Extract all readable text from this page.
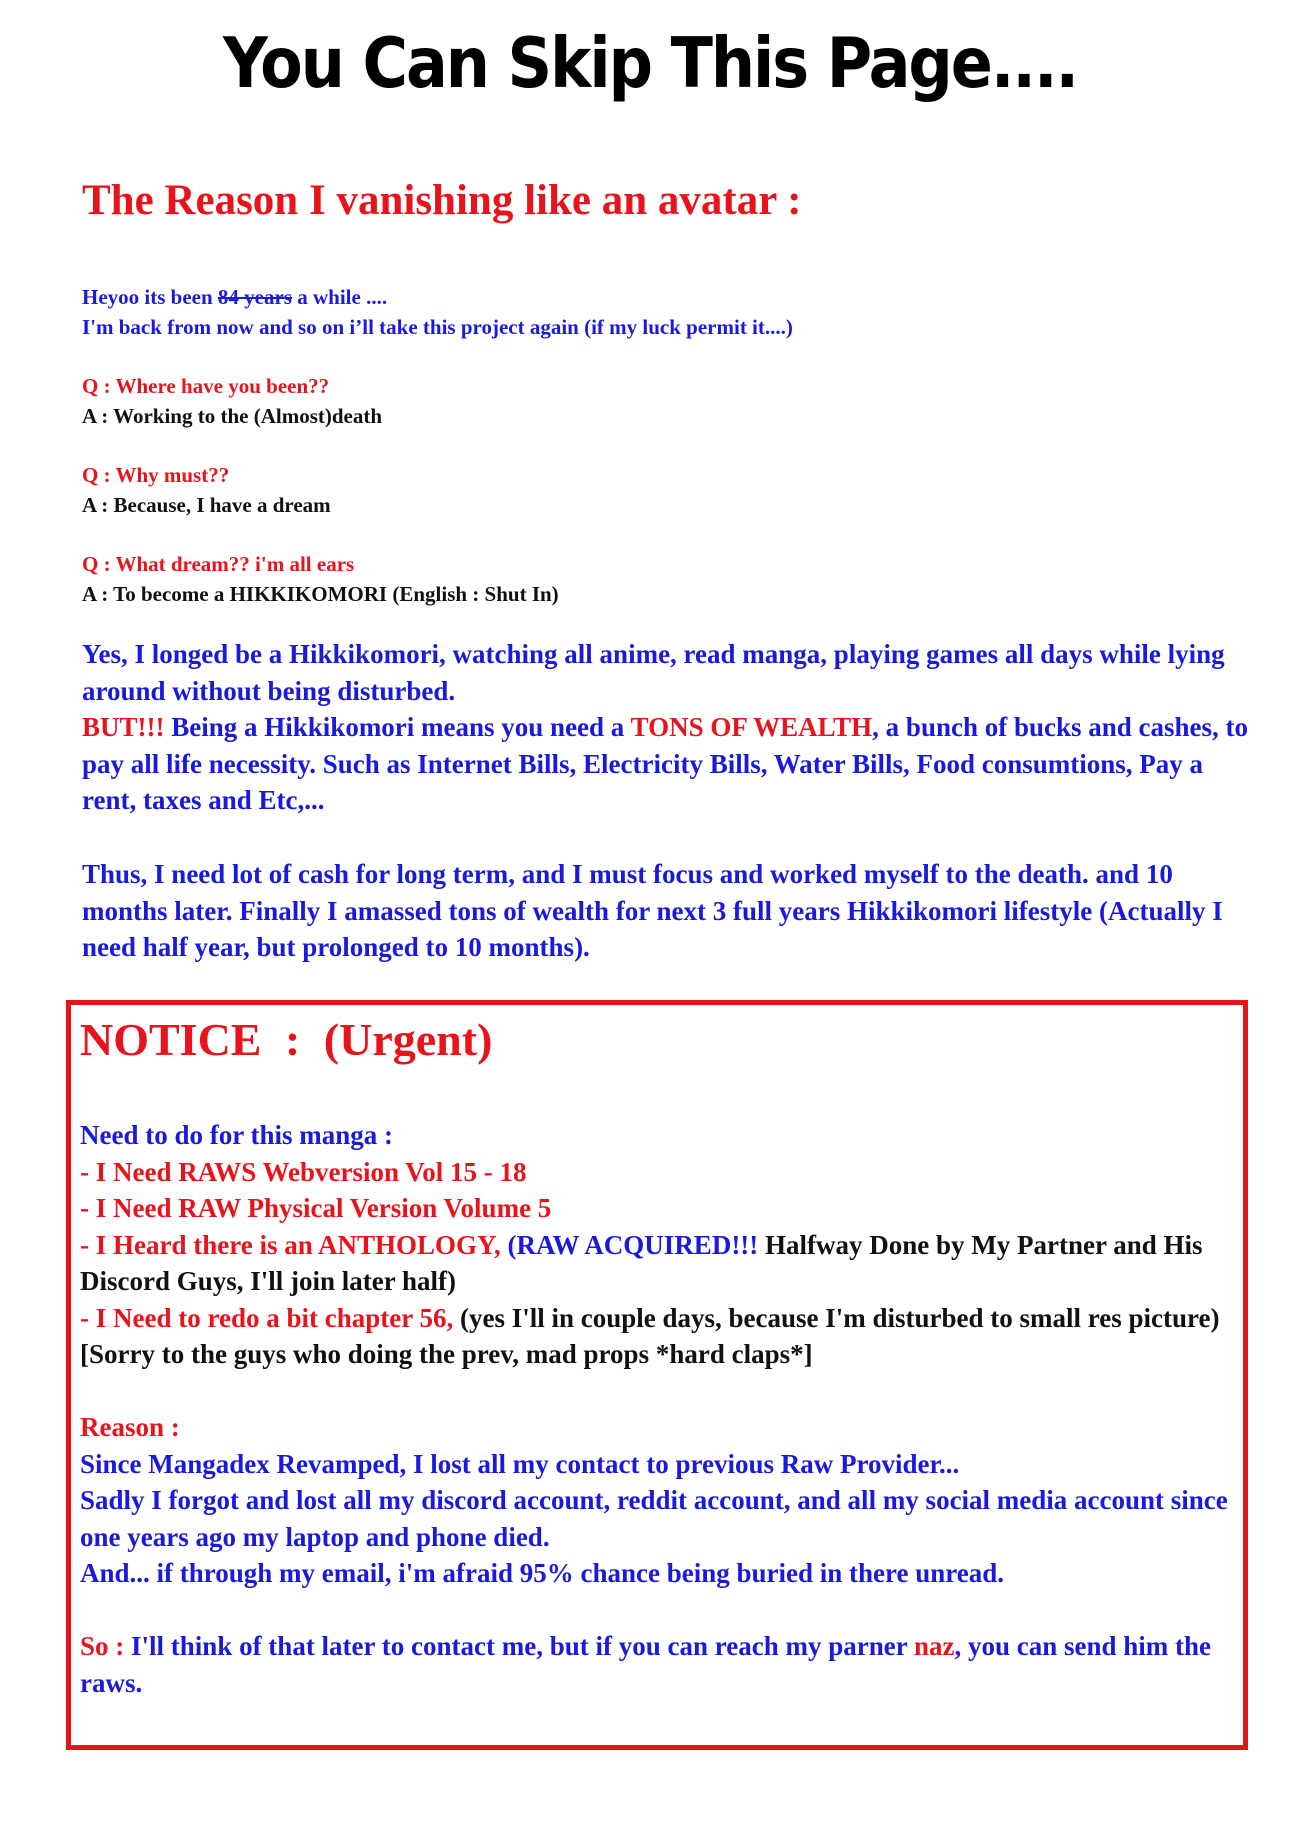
You Can Skip This Page....
The Reason I vanishing like an avatar :
Heyoo its been 84 years a while ....
I'm back from now and so on i’ll take this project again (if my luck permit it....)
Q : Where have you been??
A : Working to the (Almost)death
Q : Why must??
A : Because, I have a dream
Q : What dream?? i'm all ears
A : To become a HIKKIKOMORI (English : Shut In)

Yes, I longed be a Hikkikomori, watching all anime, read manga, playing games all days while lying around without being disturbed.

BUT!!! Being a Hikkikomori means you need a TONS OF WEALTH, a bunch of bucks and cashes, to pay all life necessity. Such as Internet Bills, Electricity Bills, Water Bills, Food consumtions, Pay a rent, taxes and Etc,...

Thus, I need lot of cash for long term, and I must focus and worked myself to the death. and 10 months later. Finally I amassed tons of wealth for next 3 full years Hikkikomori lifestyle (Actually I need half year, but prolonged to 10 months).
NOTICE : (Urgent)

Need to do for this manga :

- I Need RAWS Webversion Vol 15 - 18

- I Need RAW Physical Version Volume 5

- I Heard there is an ANTHOLOGY, (RAW ACQUIRED!!! Halfway Done by My Partner and His Discord Guys, I'll join later half)

- I Need to redo a bit chapter 56, (yes I'll in couple days, because I'm disturbed to small res picture)[Sorry to the guys who doing the prev, mad props *hard claps*]

Reason :

Since Mangadex Revamped, I lost all my contact to previous Raw Provider...

Sadly I forgot and lost all my discord account, reddit account, and all my social media account since one years ago my laptop and phone died.

And... if through my email, i'm afraid 95% chance being buried in there unread.

So : I'll think of that later to contact me, but if you can reach my parner naz, you can send him the raws.
